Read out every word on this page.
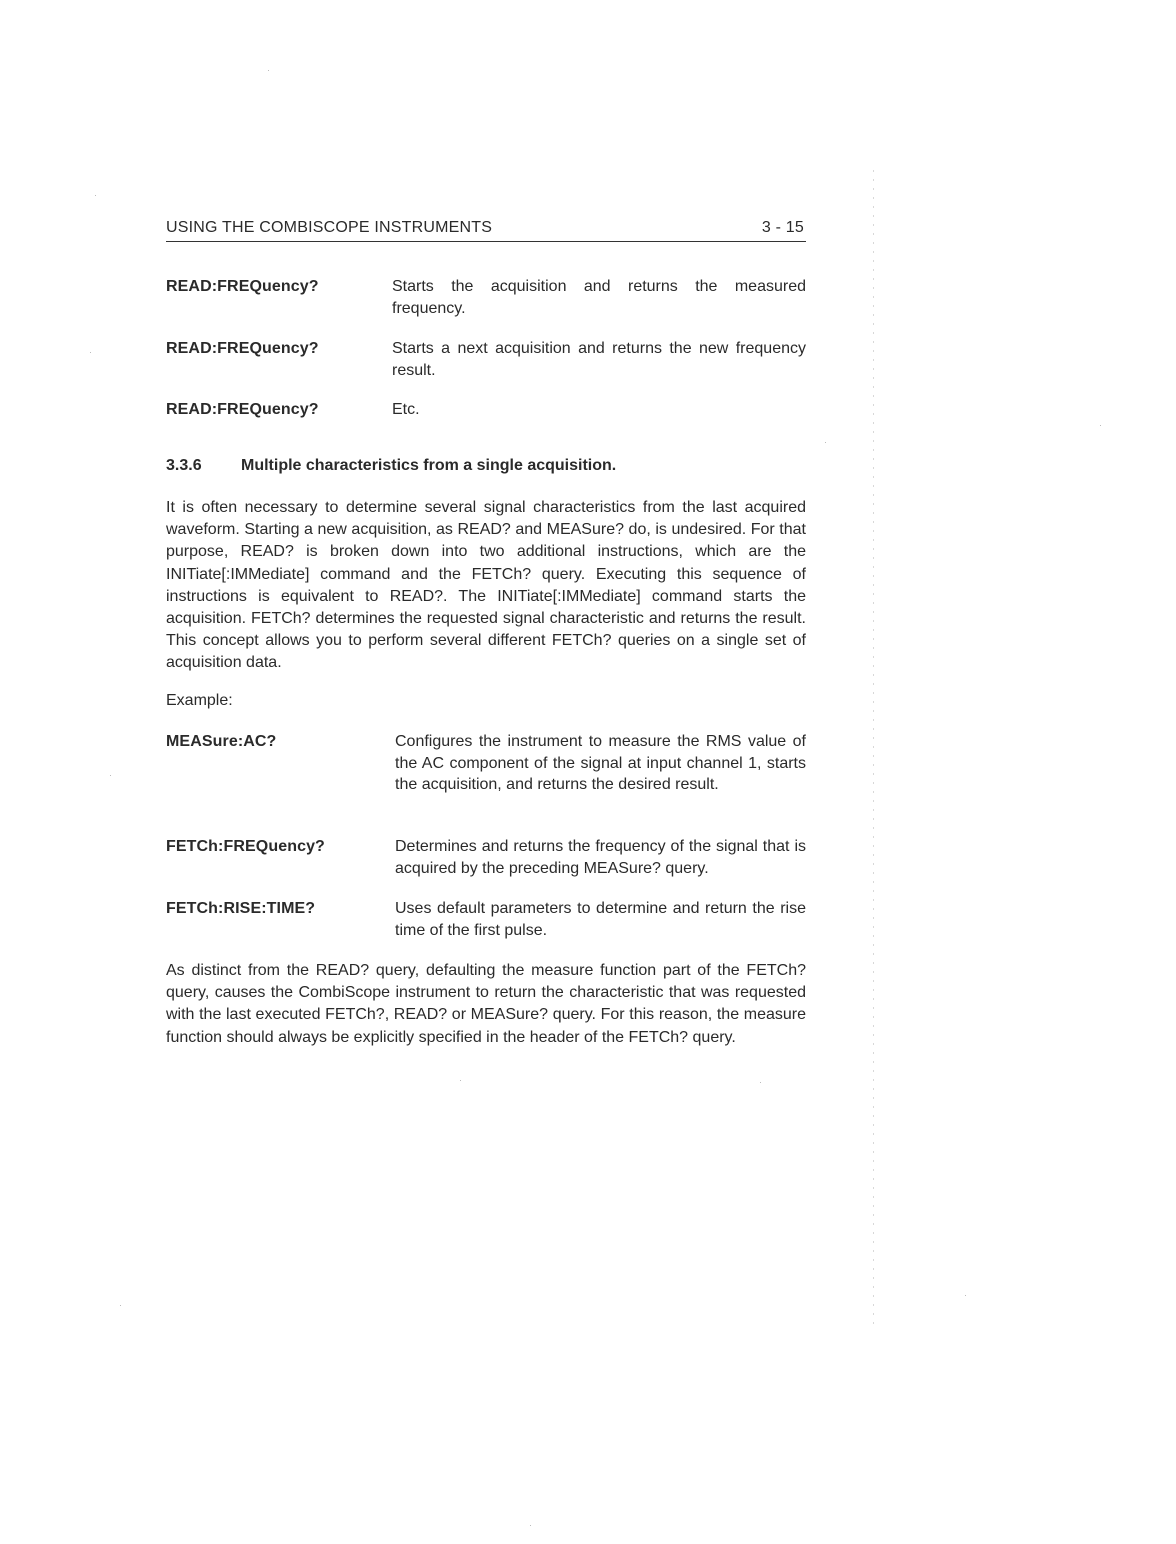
USING THE COMBISCOPE INSTRUMENTS	3 - 15
READ:FREQuency?	Starts the acquisition and returns the measured frequency.
READ:FREQuency?	Starts a next acquisition and returns the new frequency result.
READ:FREQuency?	Etc.
3.3.6 Multiple characteristics from a single acquisition.
It is often necessary to determine several signal characteristics from the last acquired waveform. Starting a new acquisition, as READ? and MEASure? do, is undesired. For that purpose, READ? is broken down into two additional instructions, which are the INITiate[:IMMediate] command and the FETCh? query. Executing this sequence of instructions is equivalent to READ?. The INITiate[:IMMediate] command starts the acquisition. FETCh? determines the requested signal characteristic and returns the result. This concept allows you to perform several different FETCh? queries on a single set of acquisition data.
Example:
MEASure:AC?	Configures the instrument to measure the RMS value of the AC component of the signal at input channel 1, starts the acquisition, and returns the desired result.
FETCh:FREQuency?	Determines and returns the frequency of the signal that is acquired by the preceding MEASure? query.
FETCh:RISE:TIME?	Uses default parameters to determine and return the rise time of the first pulse.
As distinct from the READ? query, defaulting the measure function part of the FETCh? query, causes the CombiScope instrument to return the characteristic that was requested with the last executed FETCh?, READ? or MEASure? query. For this reason, the measure function should always be explicitly specified in the header of the FETCh? query.
